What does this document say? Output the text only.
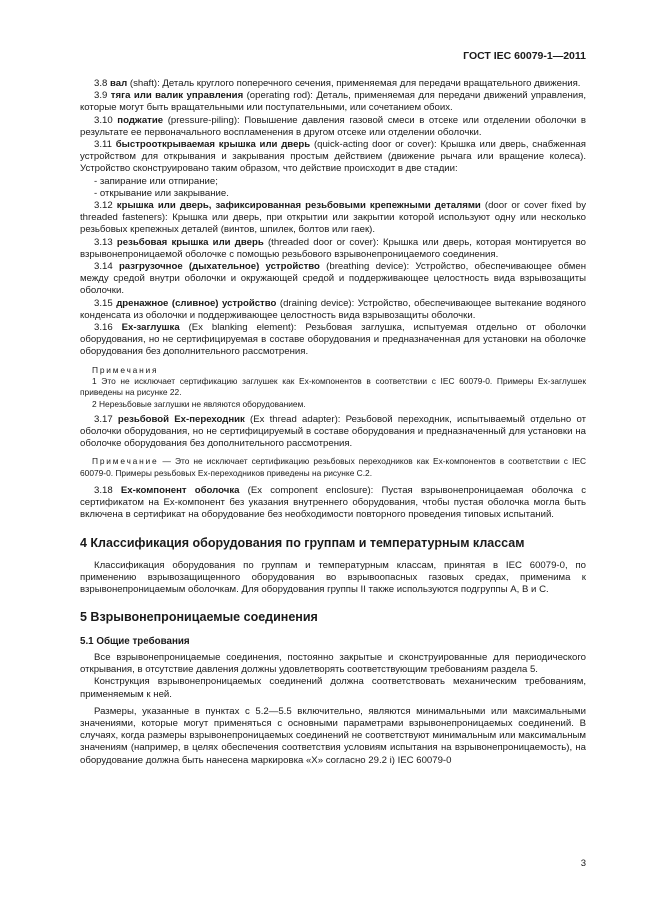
ГОСТ IEC 60079-1—2011

3.8 вал (shaft): Деталь круглого поперечного сечения, применяемая для передачи вращательного движения.

3.9 тяга или валик управления (operating rod): Деталь, применяемая для передачи движений управления, которые могут быть вращательными или поступательными, или сочетанием обоих.

3.10 поджатие (pressure-piling): Повышение давления газовой смеси в отсеке или отделении оболочки в результате ее первоначального воспламенения в другом отсеке или отделении оболочки.

3.11 быстрооткрываемая крышка или дверь (quick-acting door or cover): Крышка или дверь, снабженная устройством для открывания и закрывания простым действием (движение рычага или вращение колеса). Устройство сконструировано таким образом, что действие происходит в две стадии:

- запирание или отпирание;

- открывание или закрывание.

3.12 крышка или дверь, зафиксированная резьбовыми крепежными деталями (door or cover fixed by threaded fasteners): Крышка или дверь, при открытии или закрытии которой используют одну или несколько резьбовых крепежных деталей (винтов, шпилек, болтов или гаек).

3.13 резьбовая крышка или дверь (threaded door or cover): Крышка или дверь, которая монтируется во взрывонепроницаемой оболочке с помощью резьбового взрывонепроницаемого соединения.

3.14 разгрузочное (дыхательное) устройство (breathing device): Устройство, обеспечивающее обмен между средой внутри оболочки и окружающей средой и поддерживающее целостность вида взрывозащиты оболочки.

3.15 дренажное (сливное) устройство (draining device): Устройство, обеспечивающее вытекание водяного конденсата из оболочки и поддерживающее целостность вида взрывозащиты оболочки.

3.16 Ex-заглушка (Ex blanking element): Резьбовая заглушка, испытуемая отдельно от оболочки оборудования, но не сертифицируемая в составе оборудования и предназначенная для установки на оболочке оборудования без дополнительного рассмотрения.

Примечания

1 Это не исключает сертификацию заглушек как Ex-компонентов в соответствии с IEC 60079-0. Примеры Ex-заглушек приведены на рисунке 22.

2 Нерезьбовые заглушки не являются оборудованием.

3.17 резьбовой Ex-переходник (Ex thread adapter): Резьбовой переходник, испытываемый отдельно от оболочки оборудования, но не сертифицируемый в составе оборудования и предназначенный для установки на оболочке оборудования без дополнительного рассмотрения.

Примечание — Это не исключает сертификацию резьбовых переходников как Ex-компонентов в соответствии с IEC 60079-0. Примеры резьбовых Ex-переходников приведены на рисунке С.2.

3.18 Ex-компонент оболочка (Ex component enclosure): Пустая взрывонепроницаемая оболочка с сертификатом на Ex-компонент без указания внутреннего оборудования, чтобы пустая оболочка могла быть включена в сертификат на оборудование без необходимости повторного проведения типовых испытаний.

4 Классификация оборудования по группам и температурным классам

Классификация оборудования по группам и температурным классам, принятая в IEC 60079-0, по применению взрывозащищенного оборудования во взрывоопасных газовых средах, применима к взрывонепроницаемым оболочкам. Для оборудования группы II также используются подгруппы А, В и С.

5 Взрывонепроницаемые соединения
5.1 Общие требования

Все взрывонепроницаемые соединения, постоянно закрытые и сконструированные для периодического открывания, в отсутствие давления должны удовлетворять соответствующим требованиям раздела 5.

Конструкция взрывонепроницаемых соединений должна соответствовать механическим требованиям, применяемым к ней.

Размеры, указанные в пунктах с 5.2—5.5 включительно, являются минимальными или максимальными значениями, которые могут применяться с основными параметрами взрывонепроницаемых соединений. В случаях, когда размеры взрывонепроницаемых соединений не соответствуют минимальным или максимальным значениям (например, в целях обеспечения соответствия условиям испытания на взрывонепроницаемость), на оборудование должна быть нанесена маркировка «Х» согласно 29.2 i) IEC 60079-0

3
